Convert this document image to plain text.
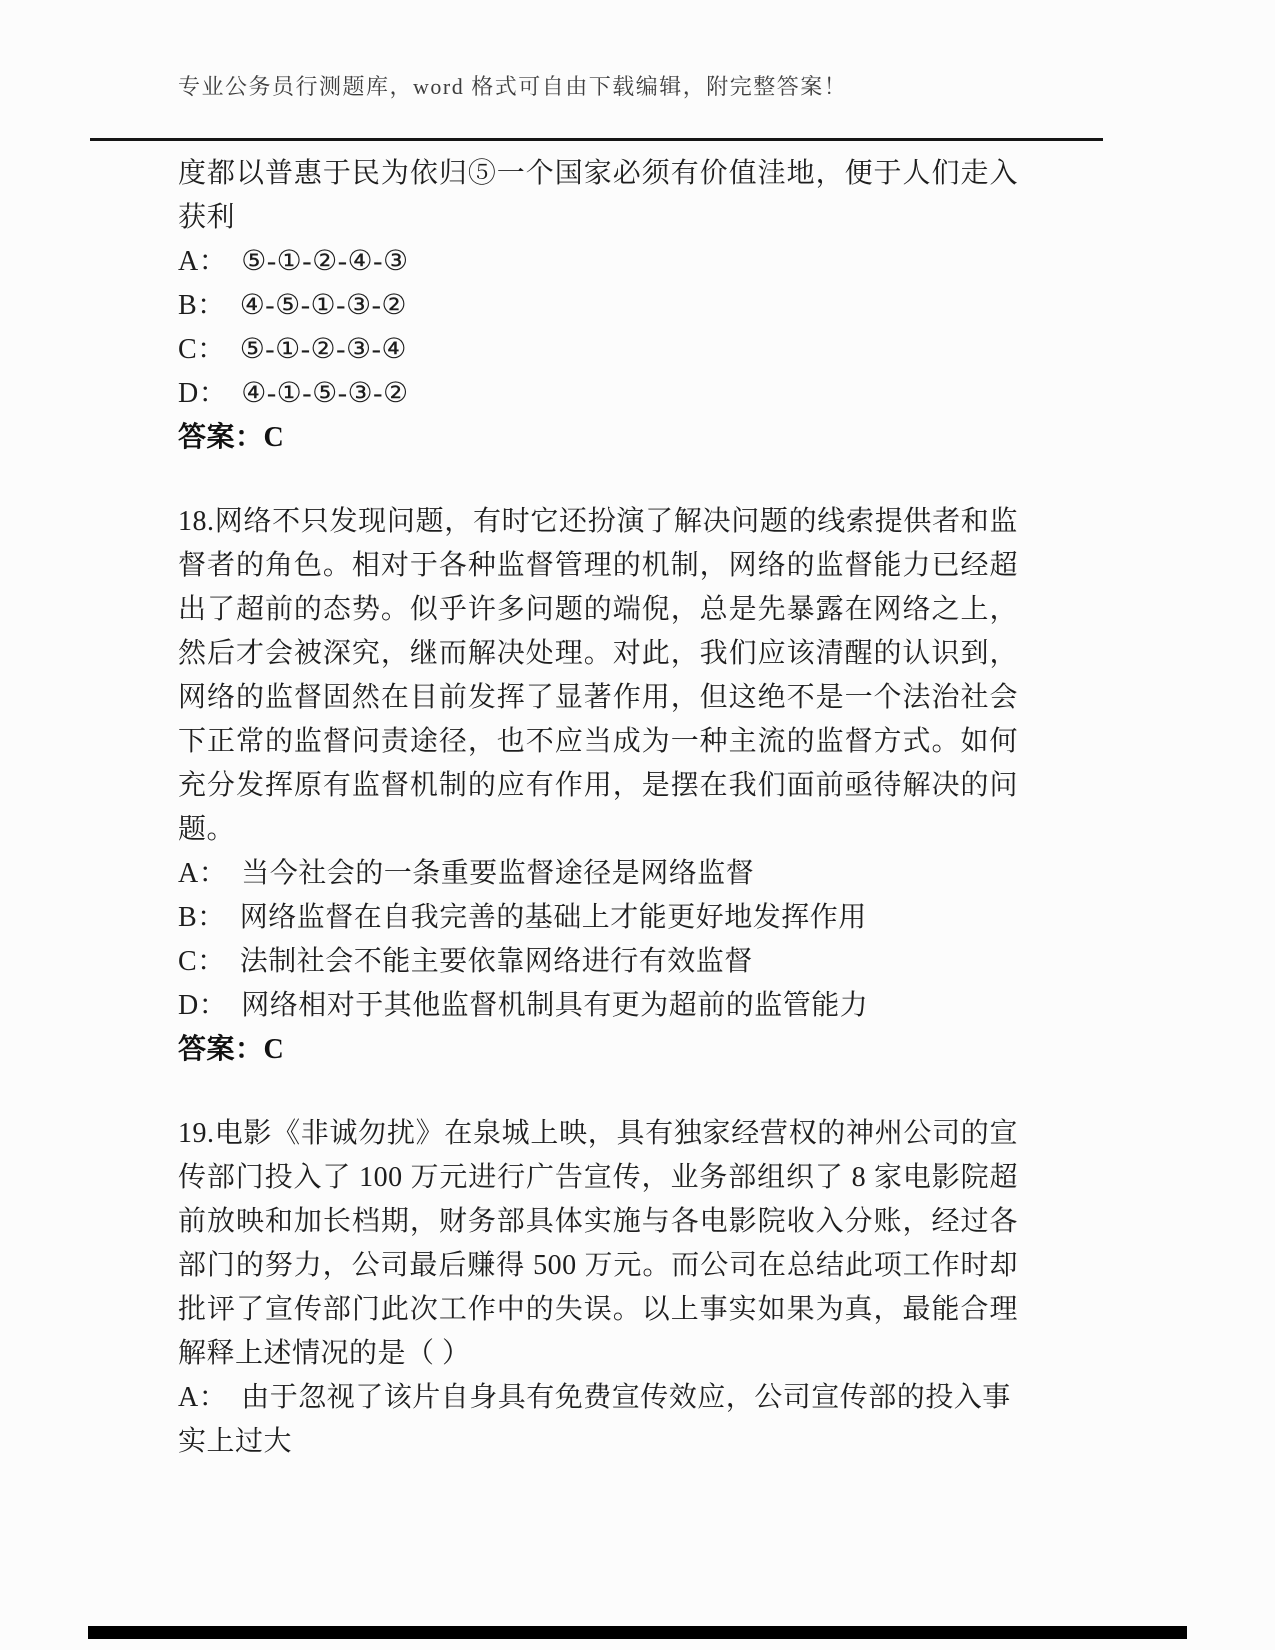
专业公务员行测题库，word 格式可自由下载编辑，附完整答案！

度都以普惠于民为依归⑤一个国家必须有价值洼地，便于人们走入获利

A： ⑤-①-②-④-③

B： ④-⑤-①-③-②

C： ⑤-①-②-③-④

D： ④-①-⑤-③-②

答案：C

18.网络不只发现问题，有时它还扮演了解决问题的线索提供者和监督者的角色。相对于各种监督管理的机制，网络的监督能力已经超出了超前的态势。似乎许多问题的端倪，总是先暴露在网络之上，然后才会被深究，继而解决处理。对此，我们应该清醒的认识到，网络的监督固然在目前发挥了显著作用，但这绝不是一个法治社会下正常的监督问责途径，也不应当成为一种主流的监督方式。如何充分发挥原有监督机制的应有作用，是摆在我们面前亟待解决的问题。

A： 当今社会的一条重要监督途径是网络监督

B： 网络监督在自我完善的基础上才能更好地发挥作用

C： 法制社会不能主要依靠网络进行有效监督

D： 网络相对于其他监督机制具有更为超前的监管能力

答案：C

19.电影《非诚勿扰》在泉城上映，具有独家经营权的神州公司的宣传部门投入了 100 万元进行广告宣传，业务部组织了 8 家电影院超前放映和加长档期，财务部具体实施与各电影院收入分账，经过各部门的努力，公司最后赚得 500 万元。而公司在总结此项工作时却批评了宣传部门此次工作中的失误。以上事实如果为真，最能合理解释上述情况的是（ ）

A： 由于忽视了该片自身具有免费宣传效应，公司宣传部的投入事实上过大
